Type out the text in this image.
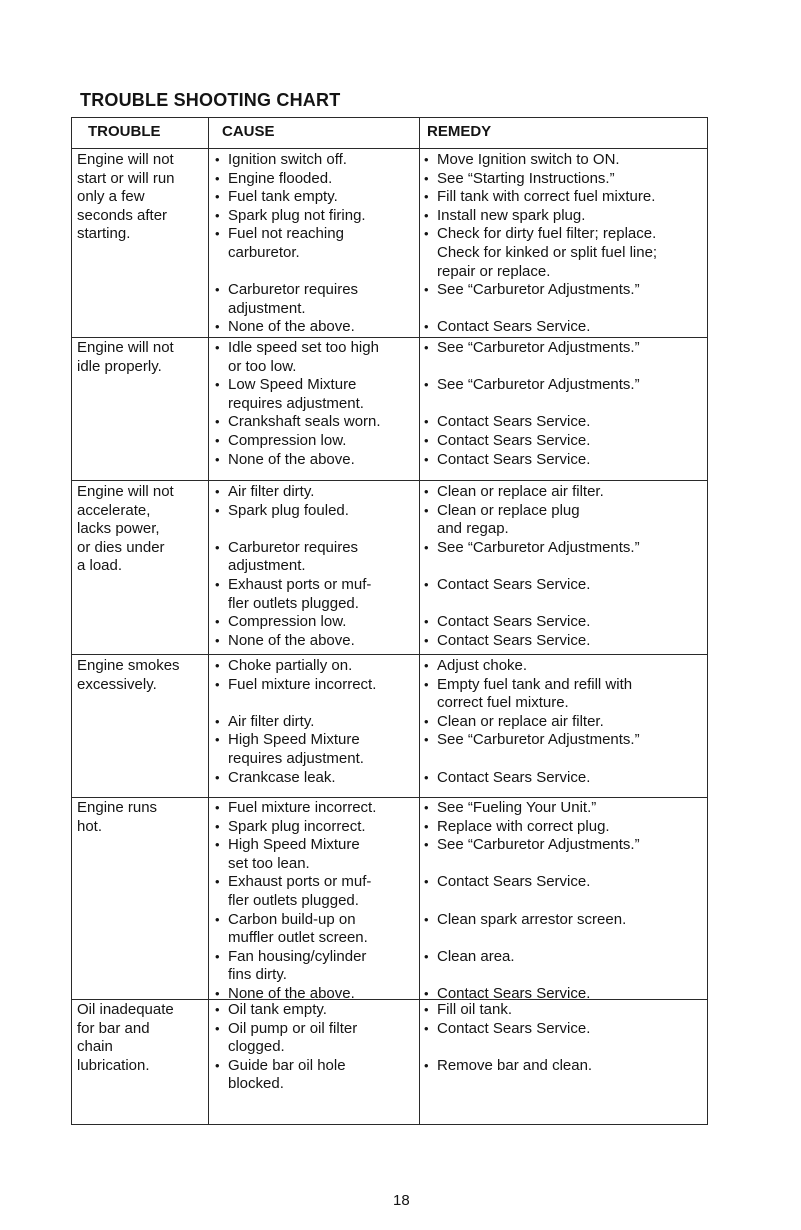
TROUBLE SHOOTING CHART
TROUBLE	CAUSE	REMEDY
Engine will not
start or will run
only a few
seconds after
starting.
• Ignition switch off.
• Engine flooded.
• Fuel tank empty.
• Spark plug not firing.
• Fuel not reaching
carburetor.
• Carburetor requires
adjustment.
• None of the above.
• Move Ignition switch to ON.
• See “Starting Instructions.”
• Fill tank with correct fuel mixture.
• Install new spark plug.
• Check for dirty fuel filter; replace.
Check for kinked or split fuel line;
repair or replace.
• See “Carburetor Adjustments.”
• Contact Sears Service.
Engine will not
idle properly.
• Idle speed set too high
or too low.
• Low Speed Mixture
requires adjustment.
• Crankshaft seals worn.
• Compression low.
• None of the above.
• See “Carburetor Adjustments.”
• See “Carburetor Adjustments.”
• Contact Sears Service.
• Contact Sears Service.
• Contact Sears Service.
Engine will not
accelerate,
lacks power,
or dies under
a load.
• Air filter dirty.
• Spark plug fouled.
• Carburetor requires
adjustment.
• Exhaust ports or muf-
fler outlets plugged.
• Compression low.
• None of the above.
• Clean or replace air filter.
• Clean or replace plug
and regap.
• See “Carburetor Adjustments.”
• Contact Sears Service.
• Contact Sears Service.
• Contact Sears Service.
Engine smokes
excessively.
• Choke partially on.
• Fuel mixture incorrect.
• Air filter dirty.
• High Speed Mixture
requires adjustment.
• Crankcase leak.
• Adjust choke.
• Empty fuel tank and refill with
correct fuel mixture.
• Clean or replace air filter.
• See “Carburetor Adjustments.”
• Contact Sears Service.
Engine runs
hot.
• Fuel mixture incorrect.
• Spark plug incorrect.
• High Speed Mixture
set too lean.
• Exhaust ports or muf-
fler outlets plugged.
• Carbon build-up on
muffler outlet screen.
• Fan housing/cylinder
fins dirty.
• None of the above.
• See “Fueling Your Unit.”
• Replace with correct plug.
• See “Carburetor Adjustments.”
• Contact Sears Service.
• Clean spark arrestor screen.
• Clean area.
• Contact Sears Service.
Oil inadequate
for bar and
chain
lubrication.
• Oil tank empty.
• Oil pump or oil filter
clogged.
• Guide bar oil hole
blocked.
• Fill oil tank.
• Contact Sears Service.
• Remove bar and clean.
18
